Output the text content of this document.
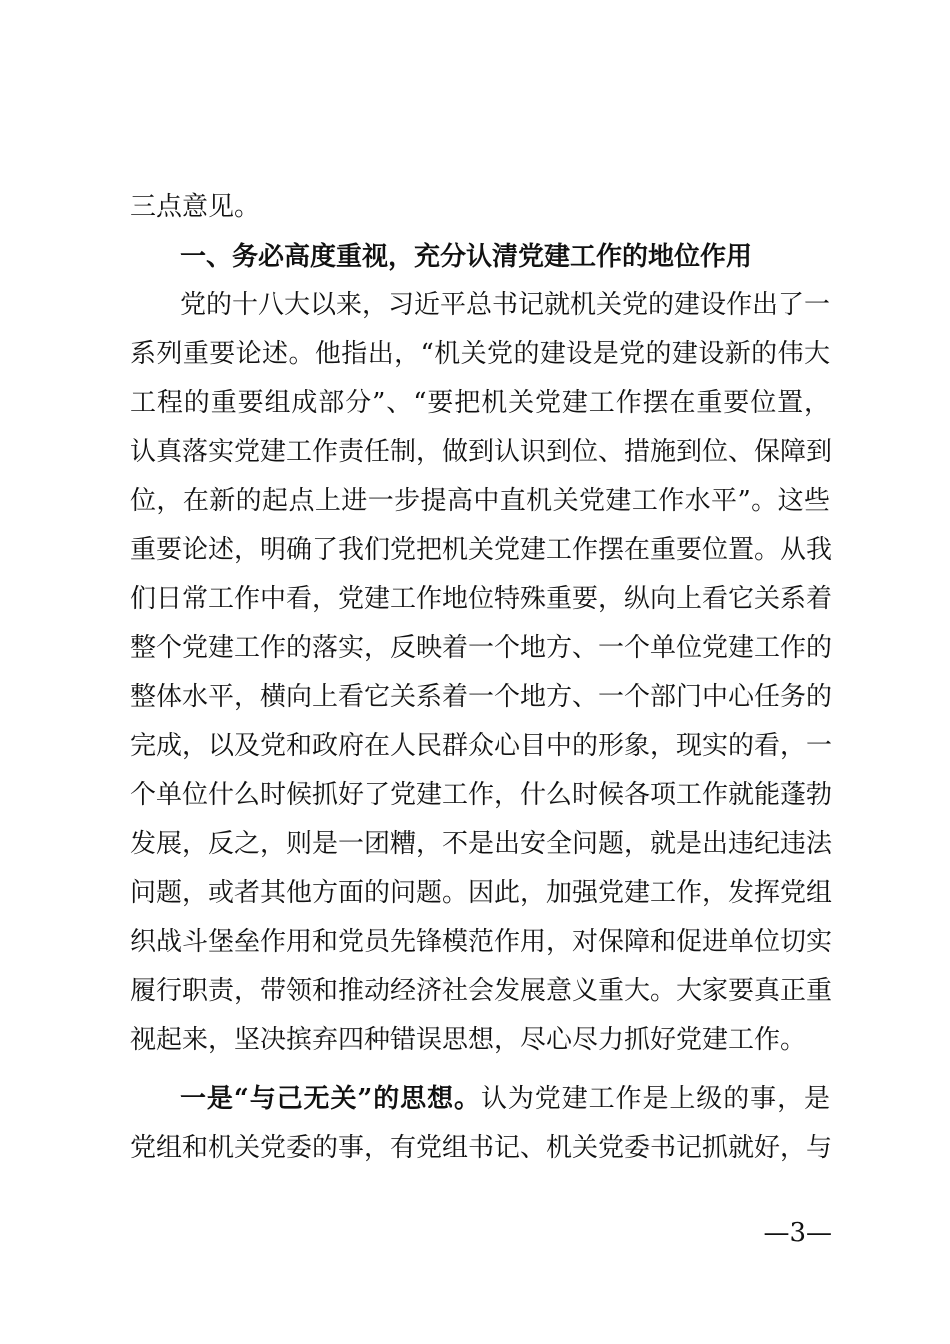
三点意见。
一、务必高度重视，充分认清党建工作的地位作用
党的十八大以来，习近平总书记就机关党的建设作出了一
系列重要论述。他指出，“机关党的建设是党的建设新的伟大
工程的重要组成部分”、“要把机关党建工作摆在重要位置，
认真落实党建工作责任制，做到认识到位、措施到位、保障到
位，在新的起点上进一步提高中直机关党建工作水平”。这些
重要论述，明确了我们党把机关党建工作摆在重要位置。从我
们日常工作中看，党建工作地位特殊重要，纵向上看它关系着
整个党建工作的落实，反映着一个地方、一个单位党建工作的
整体水平，横向上看它关系着一个地方、一个部门中心任务的
完成，以及党和政府在人民群众心目中的形象，现实的看，一
个单位什么时候抓好了党建工作，什么时候各项工作就能蓬勃
发展，反之，则是一团糟，不是出安全问题，就是出违纪违法
问题，或者其他方面的问题。因此，加强党建工作，发挥党组
织战斗堡垒作用和党员先锋模范作用，对保障和促进单位切实
履行职责，带领和推动经济社会发展意义重大。大家要真正重
视起来，坚决摈弃四种错误思想，尽心尽力抓好党建工作。
一是“与己无关”的思想。认为党建工作是上级的事，是
党组和机关党委的事，有党组书记、机关党委书记抓就好，与
—3—
